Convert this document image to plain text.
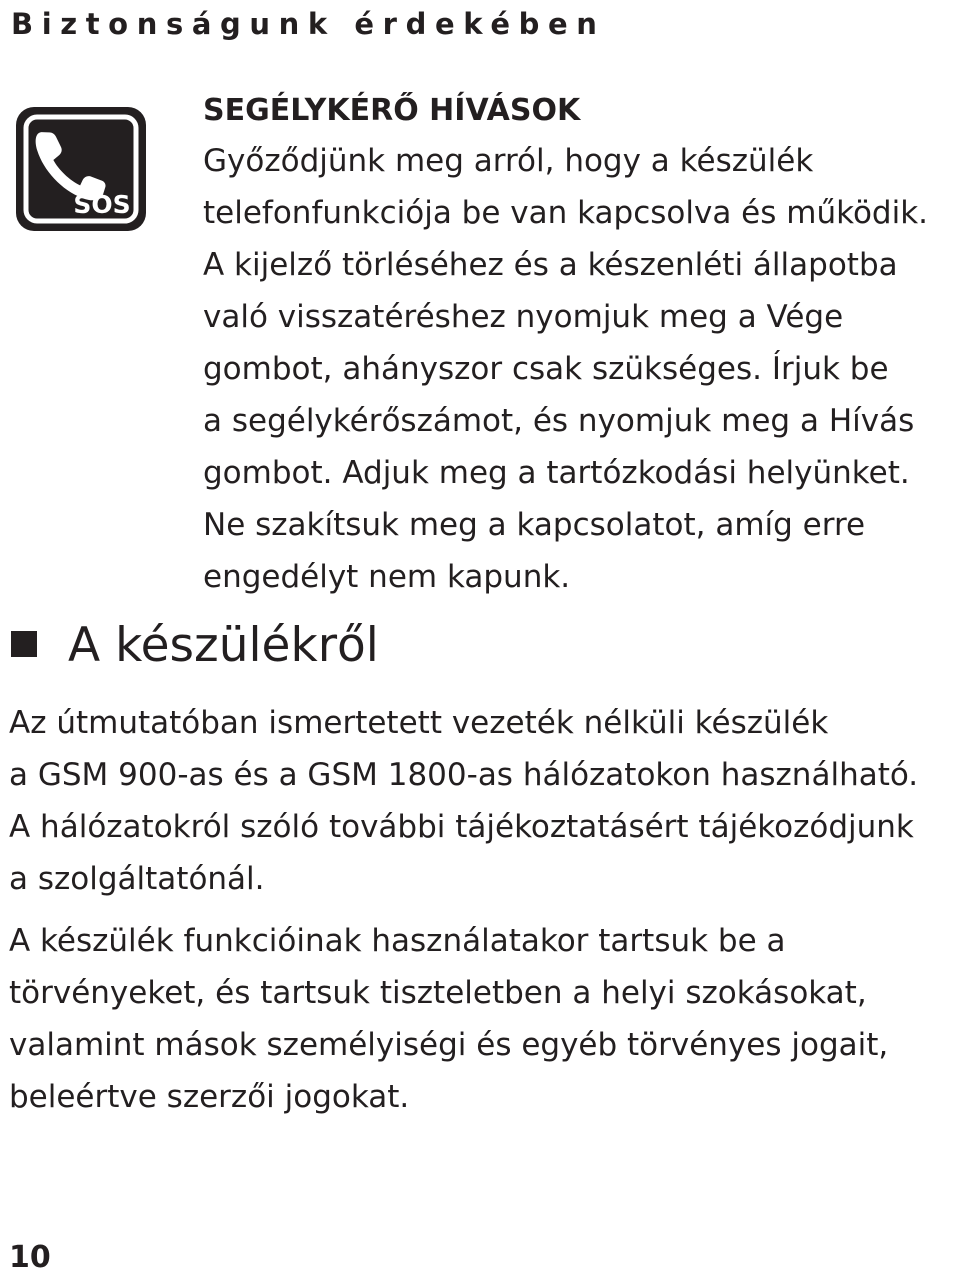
Biztonságunk érdekében
SOS
SEGÉLYKÉRŐ HÍVÁSOK
Győződjünk meg arról, hogy a készülék
telefonfunkciója be van kapcsolva és működik.
A kijelző törléséhez és a készenléti állapotba
való visszatéréshez nyomjuk meg a Vége
gombot, ahányszor csak szükséges. Írjuk be
a segélykérőszámot, és nyomjuk meg a Hívás
gombot. Adjuk meg a tartózkodási helyünket.
Ne szakítsuk meg a kapcsolatot, amíg erre
engedélyt nem kapunk.
A készülékről
Az útmutatóban ismertetett vezeték nélküli készülék
a GSM 900-as és a GSM 1800-as hálózatokon használható.
A hálózatokról szóló további tájékoztatásért tájékozódjunk
a szolgáltatónál.
A készülék funkcióinak használatakor tartsuk be a
törvényeket, és tartsuk tiszteletben a helyi szokásokat,
valamint mások személyiségi és egyéb törvényes jogait,
beleértve szerzői jogokat.
10
